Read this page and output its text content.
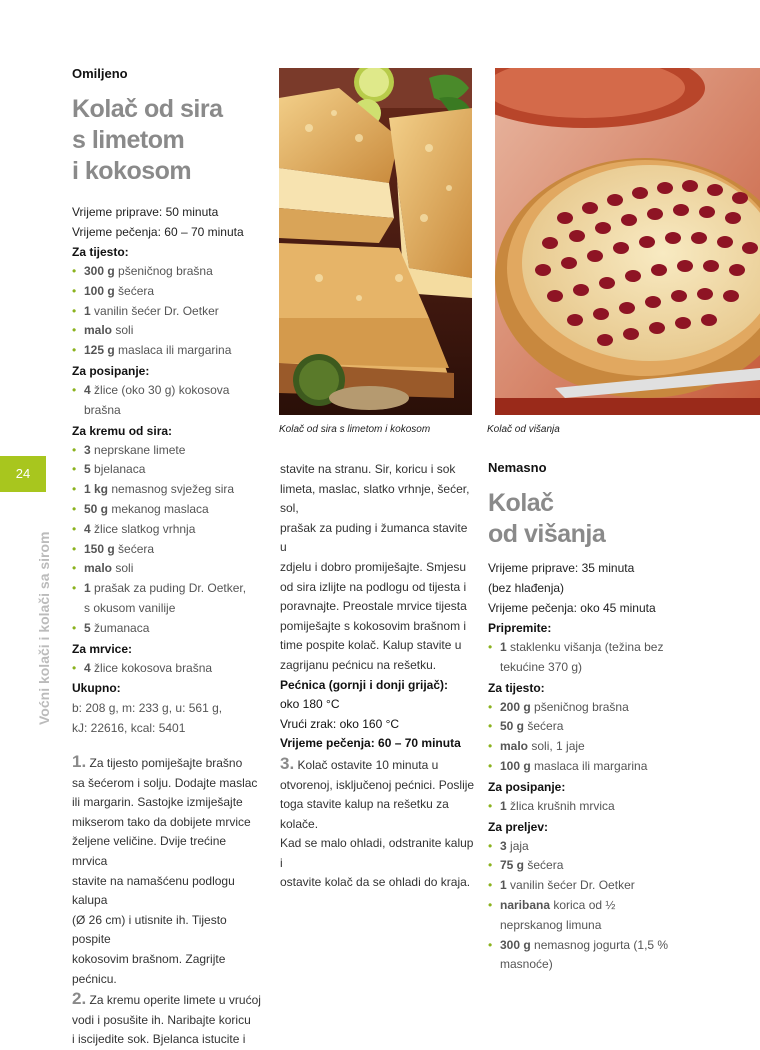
24
Voćni kolači i kolači sa sirom
Omiljeno
Kolač od sira
s limetom
i kokosom
Vrijeme priprave: 50 minuta
Vrijeme pečenja: 60 – 70 minuta
Za tijesto:
• 300 g pšeničnog brašna
• 100 g šećera
• 1 vanilin šećer Dr. Oetker
• malo soli
• 125 g maslaca ili margarina
Za posipanje:
• 4 žlice (oko 30 g) kokosova
brašna
Za kremu od sira:
• 3 neprskane limete
• 5 bjelanaca
• 1 kg nemasnog svježeg sira
• 50 g mekanog maslaca
• 4 žlice slatkog vrhnja
• 150 g šećera
• malo soli
• 1 prašak za puding Dr. Oetker,
s okusom vanilije
• 5 žumanaca
Za mrvice:
• 4 žlice kokosova brašna
Ukupno:
b: 208 g, m: 233 g, u: 561 g,
kJ: 22616, kcal: 5401
1. Za tijesto pomiješajte brašno
sa šećerom i solju. Dodajte maslac
ili margarin. Sastojke izmiješajte
mikserom tako da dobijete mrvice
željene veličine. Dvije trećine mrvica
stavite na namašćenu podlogu kalupa
(Ø 26 cm) i utisnite ih. Tijesto pospite
kokosovim brašnom. Zagrijte pećnicu.
2. Za kremu operite limete u vrućoj
vodi i posušite ih. Naribajte koricu
i iscijedite sok. Bjelanca istucite i
Kolač od sira s limetom i kokosom	Kolač od višanja
stavite na stranu. Sir, koricu i sok
limeta, maslac, slatko vrhnje, šećer, sol,
prašak za puding i žumanca stavite u
zdjelu i dobro promiješajte. Smjesu
od sira izlijte na podlogu od tijesta i
poravnajte. Preostale mrvice tijesta
pomiješajte s kokosovim brašnom i
time pospite kolač. Kalup stavite u
zagrijanu pećnicu na rešetku.
Pećnica (gornji i donji grijač):
oko 180 °C
Vrući zrak: oko 160 °C
Vrijeme pečenja: 60 – 70 minuta
3. Kolač ostavite 10 minuta u
otvorenoj, isključenoj pećnici. Poslije
toga stavite kalup na rešetku za kolače.
Kad se malo ohladi, odstranite kalup i
ostavite kolač da se ohladi do kraja.
Nemasno
Kolač
od višanja
Vrijeme priprave: 35 minuta
(bez hlađenja)
Vrijeme pečenja: oko 45 minuta
Pripremite:
• 1 staklenku višanja (težina bez
tekućine 370 g)
Za tijesto:
• 200 g pšeničnog brašna
• 50 g šećera
• malo soli, 1 jaje
• 100 g maslaca ili margarina
Za posipanje:
• 1 žlica krušnih mrvica
Za preljev:
• 3 jaja
• 75 g šećera
• 1 vanilin šećer Dr. Oetker
• naribana korica od ½
neprskanog limuna
• 300 g nemasnog jogurta (1,5 %
masnoće)
